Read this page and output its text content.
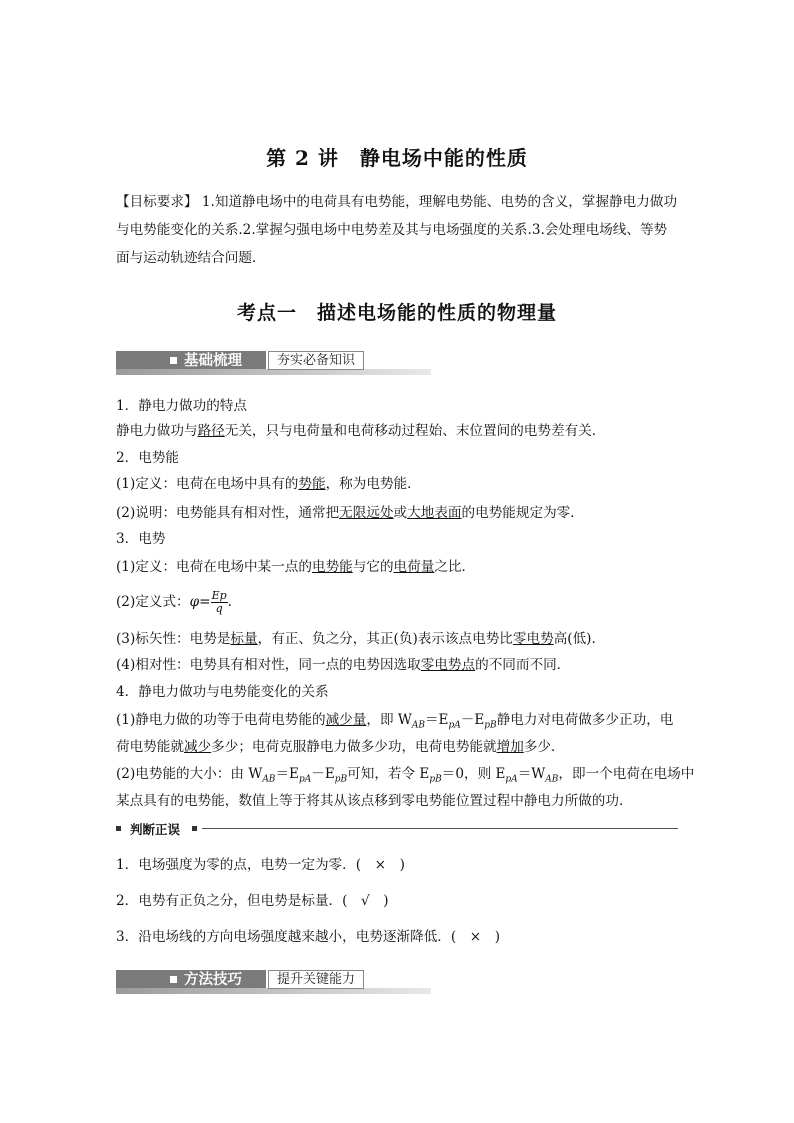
第 2 讲　静电场中能的性质
【目标要求】 1.知道静电场中的电荷具有电势能，理解电势能、电势的含义，掌握静电力做功
与电势能变化的关系.2.掌握匀强电场中电势差及其与电场强度的关系.3.会处理电场线、等势
面与运动轨迹结合问题.
考点一　描述电场能的性质的物理量
基础梳理	夯实必备知识
1．静电力做功的特点
静电力做功与路径无关，只与电荷量和电荷移动过程始、末位置间的电势差有关．
2．电势能
(1)定义：电荷在电场中具有的势能，称为电势能．
(2)说明：电势能具有相对性，通常把无限远处或大地表面的电势能规定为零．
3．电势
(1)定义：电荷在电场中某一点的电势能与它的电荷量之比．
(2)定义式：$\varphi= \frac{Ep}{q}$ .
(3)标矢性：电势是标量，有正、负之分，其正(负)表示该点电势比零电势高(低)．
(4)相对性：电势具有相对性，同一点的电势因选取零电势点的不同而不同．
4．静电力做功与电势能变化的关系
(1)静电力做的功等于电荷电势能的减少量，即 $W_{AB}=E_{pA}-E_{pB}$静电力对电荷做多少正功，电
荷电势能就减少多少；电荷克服静电力做多少功，电荷电势能就增加多少．
(2)电势能的大小：由 $W_{AB}=E_{pA}-E_{pB}$可知，若令 $E_{pB}=0$，则 $E_{pA}=W_{AB}$，即一个电荷在电场中
某点具有的电势能，数值上等于将其从该点移到零电势能位置过程中静电力所做的功．
判断正误
1．电场强度为零的点，电势一定为零．(　×　)
2．电势有正负之分，但电势是标量．(　√　)
3．沿电场线的方向电场强度越来越小，电势逐渐降低．(　×　)
方法技巧	提升关键能力
